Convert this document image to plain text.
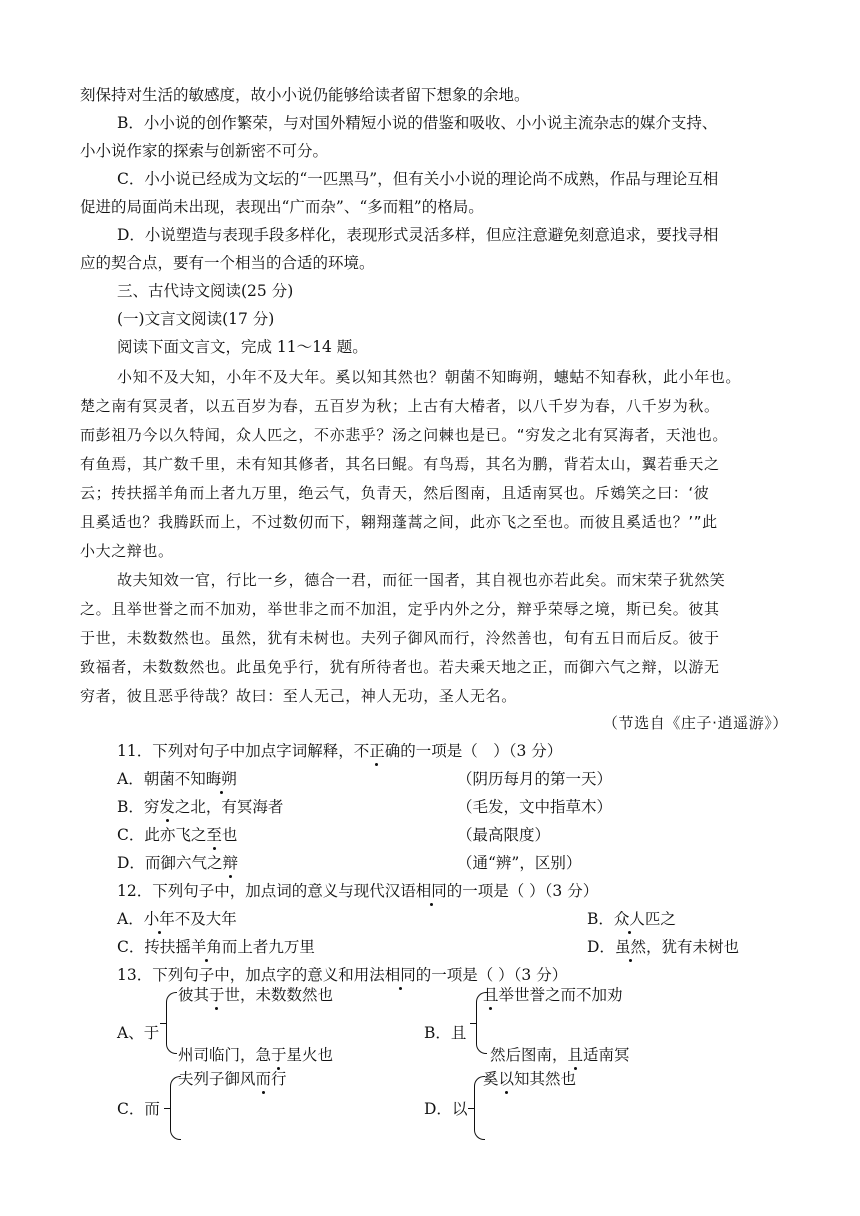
刻保持对生活的敏感度，故小小说仍能够给读者留下想象的余地。
B．小小说的创作繁荣，与对国外精短小说的借鉴和吸收、小小说主流杂志的媒介支持、
小小说作家的探索与创新密不可分。
C．小小说已经成为文坛的“一匹黑马”，但有关小小说的理论尚不成熟，作品与理论互相
促进的局面尚未出现，表现出“广而杂”、“多而粗”的格局。
D．小说塑造与表现手段多样化，表现形式灵活多样，但应注意避免刻意追求，要找寻相
应的契合点，要有一个相当的合适的环境。
三、古代诗文阅读(25 分)
(一)文言文阅读(17 分)
阅读下面文言文，完成 11～14 题。
小知不及大知，小年不及大年。奚以知其然也？朝菌不知晦朔，蟪蛄不知春秋，此小年也。
楚之南有冥灵者，以五百岁为春，五百岁为秋；上古有大椿者，以八千岁为春，八千岁为秋。
而彭祖乃今以久特闻，众人匹之，不亦悲乎？汤之问棘也是已。“穷发之北有冥海者，天池也。
有鱼焉，其广数千里，未有知其修者，其名曰鲲。有鸟焉，其名为鹏，背若太山，翼若垂天之
云；抟扶摇羊角而上者九万里，绝云气，负青天，然后图南，且适南冥也。斥鴳笑之曰：‘彼
且奚适也？我腾跃而上，不过数仞而下，翱翔蓬蒿之间，此亦飞之至也。而彼且奚适也？’”此
小大之辩也。
故夫知效一官，行比一乡，德合一君，而征一国者，其自视也亦若此矣。而宋荣子犹然笑
之。且举世誉之而不加劝，举世非之而不加沮，定乎内外之分，辩乎荣辱之境，斯已矣。彼其
于世，未数数然也。虽然，犹有未树也。夫列子御风而行，泠然善也，旬有五日而后反。彼于
致福者，未数数然也。此虽免乎行，犹有所待者也。若夫乘天地之正，而御六气之辩，以游无
穷者，彼且恶乎待哉？故曰：至人无己，神人无功，圣人无名。
（节选自《庄子·逍遥游》）
11．下列对句子中加点字词解释，不正确的一项是（　）（3 分）
A．朝菌不知晦朔	（阴历每月的第一天）
B．穷发之北，有冥海者	（毛发，文中指草木）
C．此亦飞之至也	（最高限度）
D．而御六气之辩	（通“辨”，区别）
12．下列句子中，加点词的意义与现代汉语相同的一项是（ ）（3 分）
A．小年不及大年	B．众人匹之
C．抟扶摇羊角而上者九万里	D．虽然，犹有未树也
13．下列句子中，加点字的意义和用法相同的一项是（ ）（3 分）
A、于
彼其于世，未数数然也
州司临门，急于星火也
B．且
且举世誉之而不加劝
然后图南，且适南冥
C．而
夫列子御风而行
D．以
奚以知其然也
